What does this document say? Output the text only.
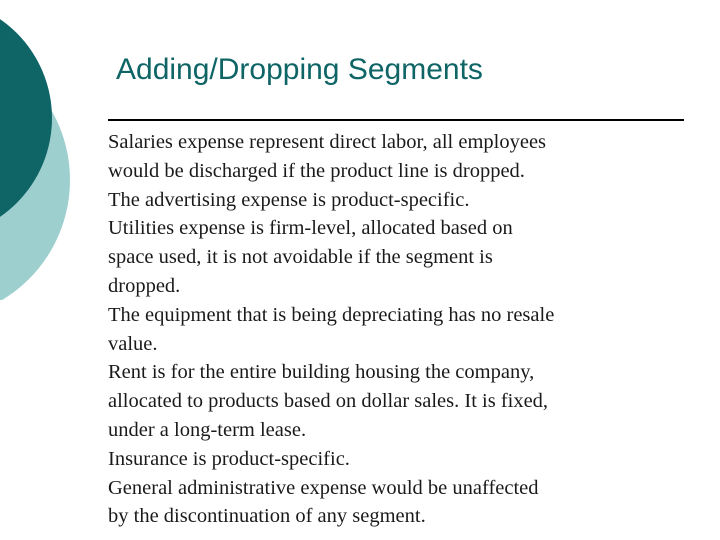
Adding/Dropping Segments
Salaries expense represent direct labor, all employees
would be discharged if the product line is dropped.
The advertising expense is product-specific.
Utilities expense is firm-level, allocated based on
space used, it is not avoidable if the segment is
dropped.
The equipment that is being depreciating has no resale
value.
Rent is for the entire building housing the company,
allocated to products based on dollar sales. It is fixed,
under a long-term lease.
Insurance is product-specific.
General administrative expense would be unaffected
by the discontinuation of any segment.
